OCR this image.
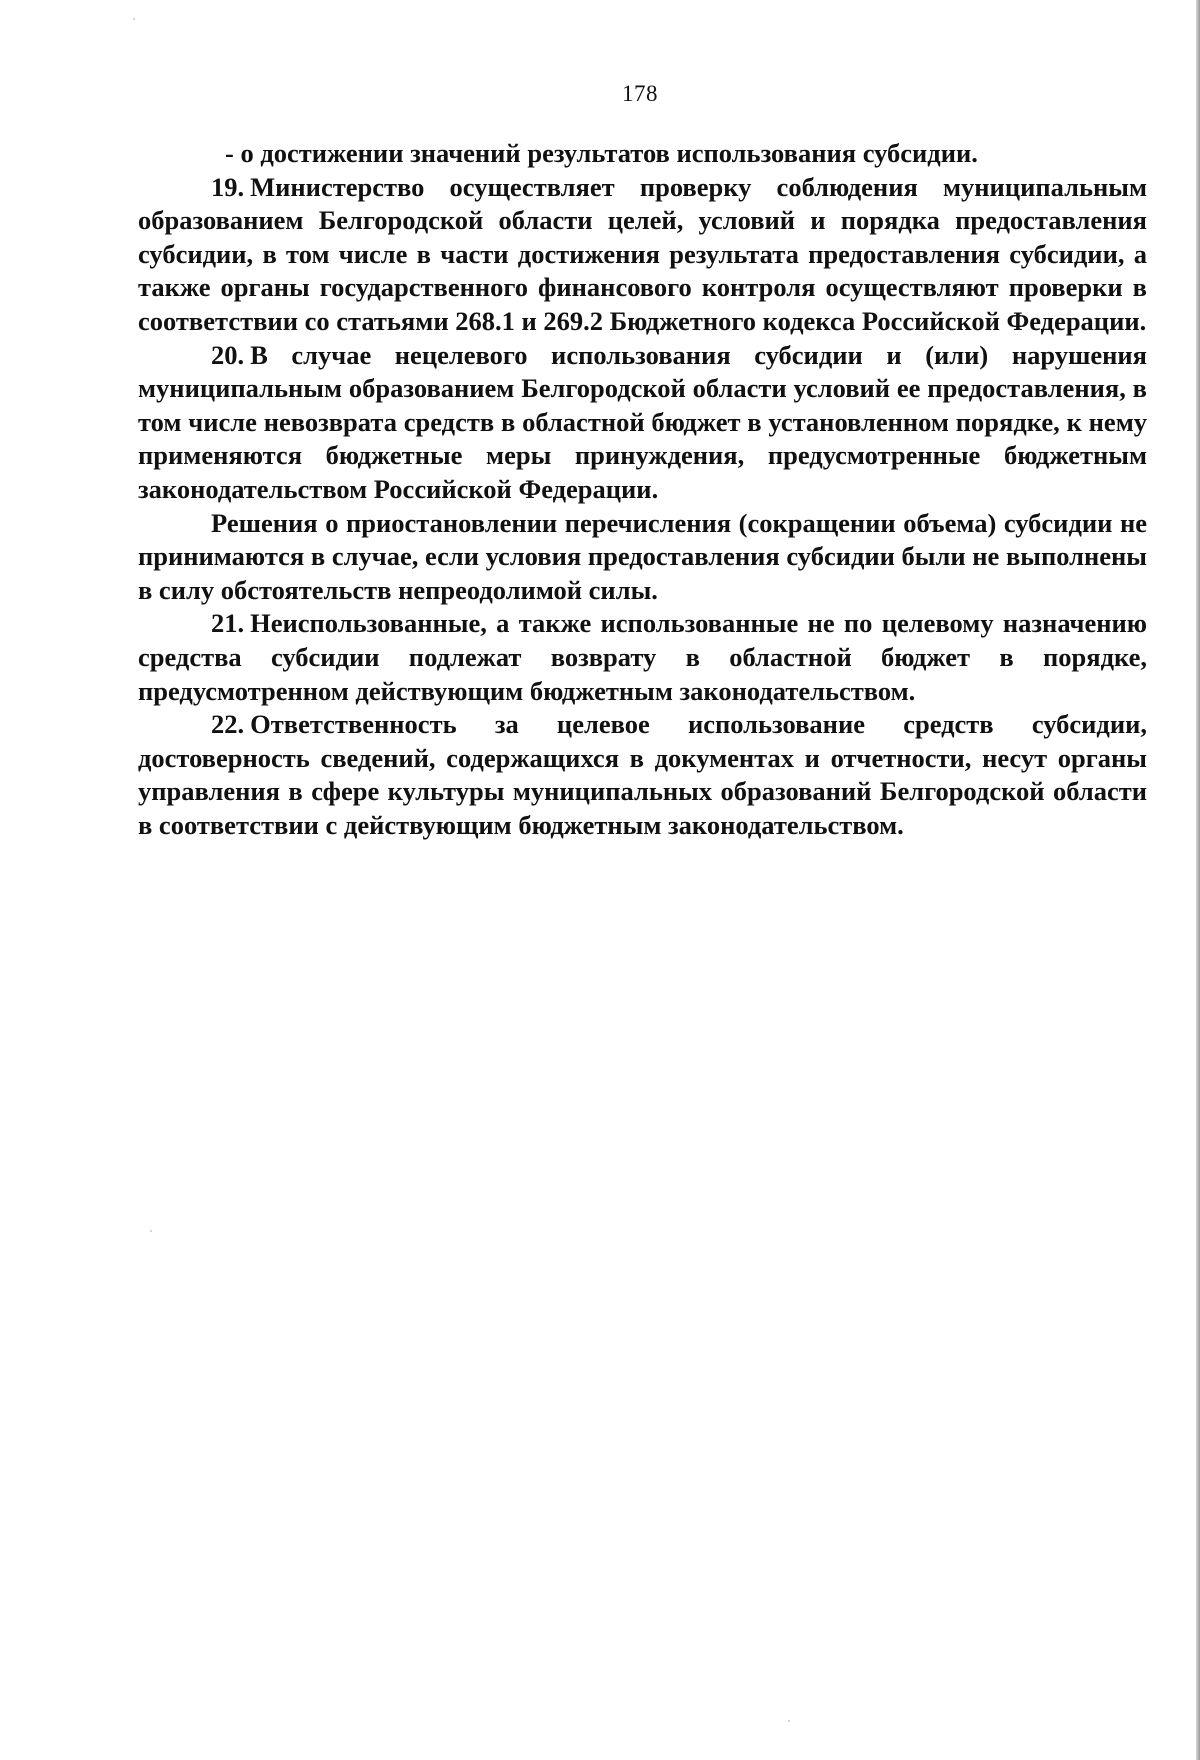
178

- о достижении значений результатов использования субсидии.

19. Министерство осуществляет проверку соблюдения муниципальным образованием Белгородской области целей, условий и порядка предоставления субсидии, в том числе в части достижения результата предоставления субсидии, а также органы государственного финансового контроля осуществляют проверки в соответствии со статьями 268.1 и 269.2 Бюджетного кодекса Российской Федерации.

20. В случае нецелевого использования субсидии и (или) нарушения муниципальным образованием Белгородской области условий ее предоставления, в том числе невозврата средств в областной бюджет в установленном порядке, к нему применяются бюджетные меры принуждения, предусмотренные бюджетным законодательством Российской Федерации.

Решения о приостановлении перечисления (сокращении объема) субсидии не принимаются в случае, если условия предоставления субсидии были не выполнены в силу обстоятельств непреодолимой силы.

21. Неиспользованные, а также использованные не по целевому назначению средства субсидии подлежат возврату в областной бюджет в порядке, предусмотренном действующим бюджетным законодательством.

22. Ответственность за целевое использование средств субсидии, достоверность сведений, содержащихся в документах и отчетности, несут органы управления в сфере культуры муниципальных образований Белгородской области в соответствии с действующим бюджетным законодательством.
